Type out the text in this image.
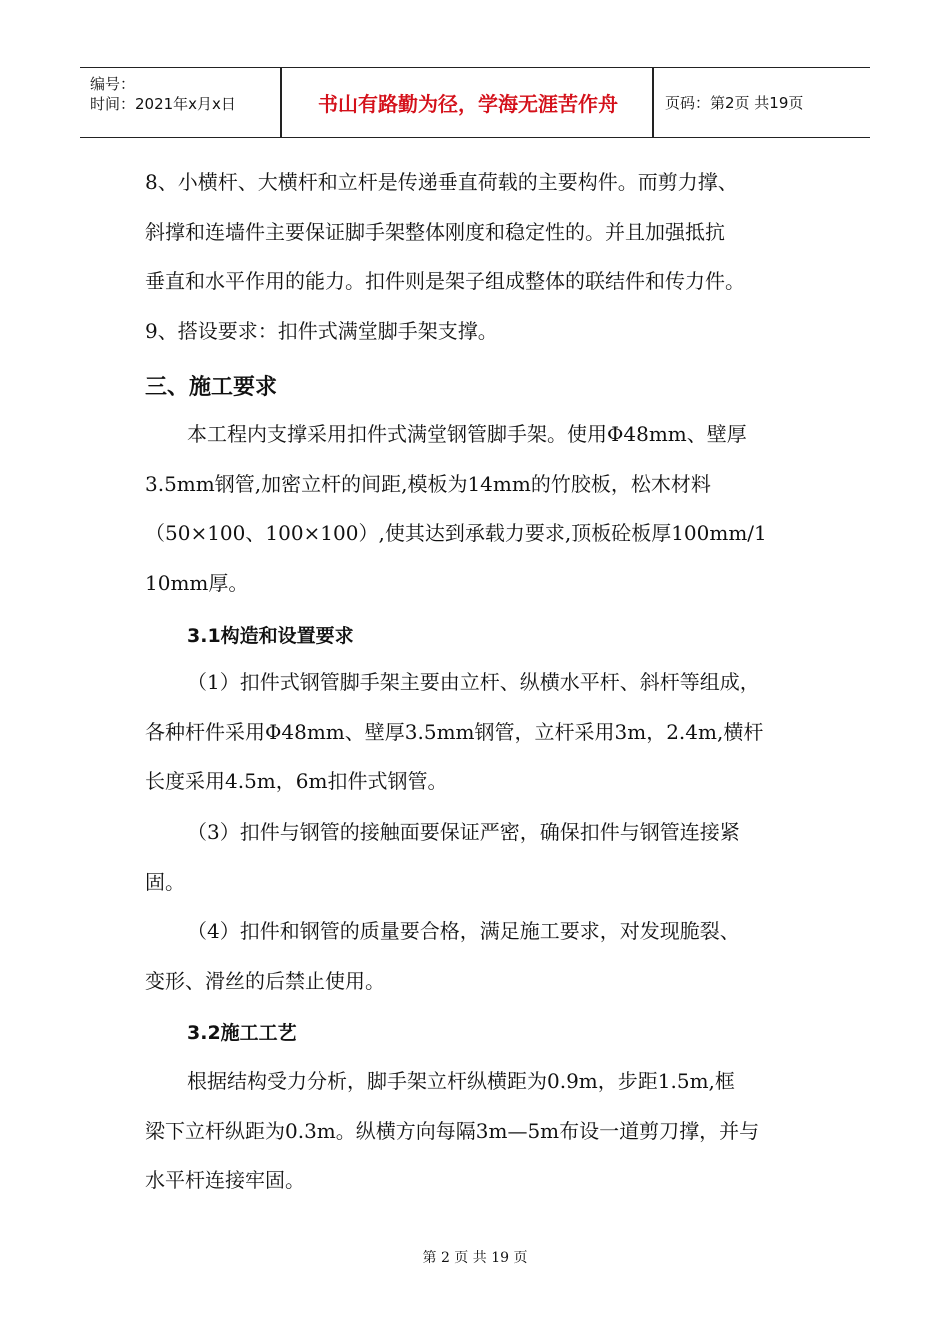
编号：
时间：2021年x月x日	书山有路勤为径，学海无涯苦作舟	页码：第2页 共19页

8、小横杆、大横杆和立杆是传递垂直荷载的主要构件。而剪力撑、
斜撑和连墙件主要保证脚手架整体刚度和稳定性的。并且加强抵抗
垂直和水平作用的能力。扣件则是架子组成整体的联结件和传力件。

9、搭设要求：扣件式满堂脚手架支撑。

三、施工要求

本工程内支撑采用扣件式满堂钢管脚手架。使用Φ48mm、壁厚
3.5mm钢管,加密立杆的间距,模板为14mm的竹胶板，松木材料
（50×100、100×100）,使其达到承载力要求,顶板砼板厚100mm/1
10mm厚。

3.1构造和设置要求

（1）扣件式钢管脚手架主要由立杆、纵横水平杆、斜杆等组成，
各种杆件采用Φ48mm、壁厚3.5mm钢管，立杆采用3m，2.4m,横杆
长度采用4.5m，6m扣件式钢管。

（3）扣件与钢管的接触面要保证严密，确保扣件与钢管连接紧
固。

（4）扣件和钢管的质量要合格，满足施工要求，对发现脆裂、
变形、滑丝的后禁止使用。

3.2施工工艺

根据结构受力分析，脚手架立杆纵横距为0.9m，步距1.5m,框
梁下立杆纵距为0.3m。纵横方向每隔3m—5m布设一道剪刀撑，并与
水平杆连接牢固。

第 2 页 共 19 页
